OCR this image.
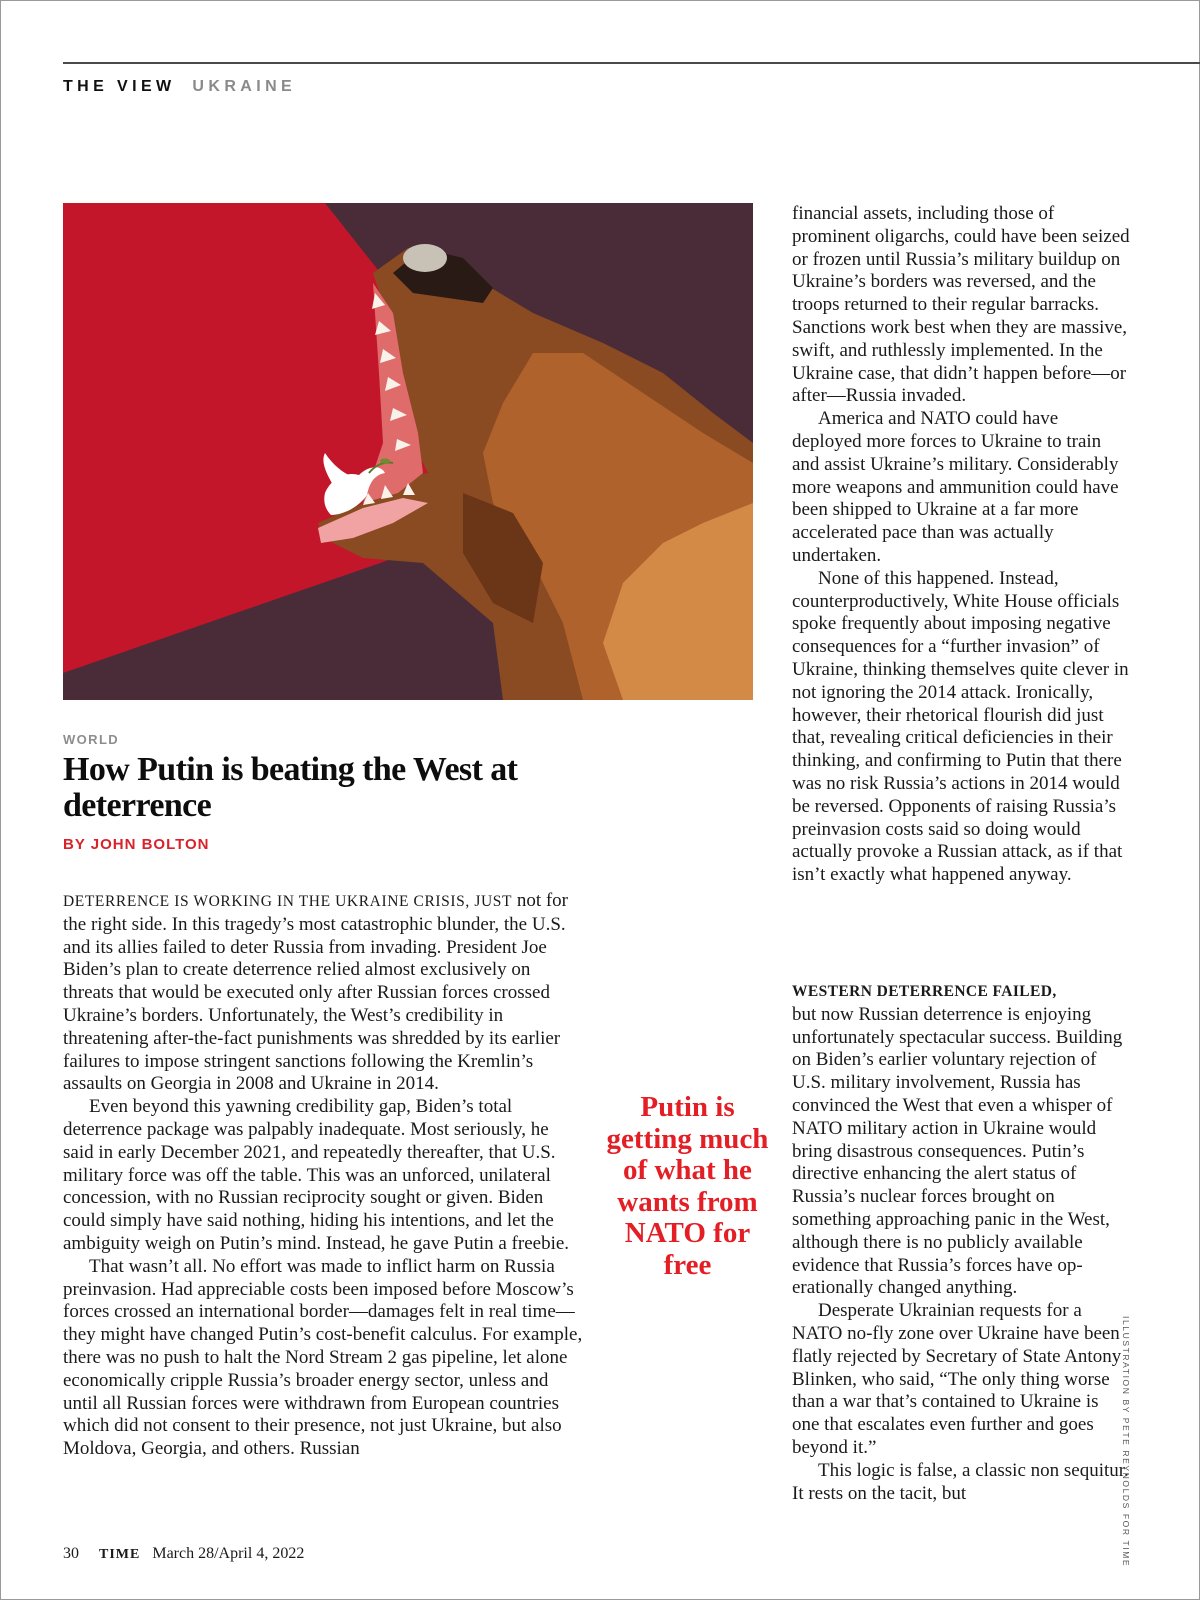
THE VIEW UKRAINE
WORLD
How Putin is beating the West at deterrence
BY JOHN BOLTON

DETERRENCE IS WORKING IN THE UKRAINE CRISIS, JUST not for the right side. In this tragedy’s most catastrophic blunder, the U.S. and its allies failed to deter Russia from invading. President Joe Biden’s plan to create deterrence relied almost exclusively on threats that would be executed only after Russian forces crossed Ukraine’s borders. Unfortunately, the West’s credibility in threatening after-the-fact punishments was shredded by its earlier failures to impose stringent sanctions following the Kremlin’s assaults on Georgia in 2008 and Ukraine in 2014.

Even beyond this yawning credibility gap, Biden’s total deterrence package was palpably inadequate. Most seriously, he said in early December 2021, and repeatedly thereafter, that U.S. military force was off the table. This was an unforced, unilateral concession, with no Russian reciprocity sought or given. Biden could simply have said nothing, hiding his intentions, and let the ambiguity weigh on Putin’s mind. Instead, he gave Putin a freebie.

That wasn’t all. No effort was made to inflict harm on Russia preinvasion. Had appreciable costs been imposed before Moscow’s forces crossed an international border—damages felt in real time—they might have changed Putin’s cost-benefit calculus. For example, there was no push to halt the Nord Stream 2 gas pipeline, let alone economically cripple Russia’s broader energy sector, unless and until all Russian forces were withdrawn from European countries which did not consent to their presence, not just Ukraine, but also Moldova, Georgia, and others. Russian

Putin is getting much of what he wants from NATO for free

financial assets, including those of prominent oligarchs, could have been seized or frozen until Russia’s military buildup on Ukraine’s borders was reversed, and the troops returned to their regular barracks. Sanctions work best when they are massive, swift, and ruthlessly implemented. In the Ukraine case, that didn’t happen before—or after—Russia invaded.

America and NATO could have deployed more forces to Ukraine to train and assist Ukraine’s military. Considerably more weapons and ammunition could have been shipped to Ukraine at a far more accelerated pace than was actually undertaken.

None of this happened. Instead, counterproductively, White House officials spoke frequently about imposing negative consequences for a “further invasion” of Ukraine, thinking themselves quite clever in not ignoring the 2014 attack. Ironically, however, their rhetorical flourish did just that, revealing critical deficiencies in their thinking, and confirming to Putin that there was no risk Russia’s actions in 2014 would be reversed. Opponents of raising Russia’s preinvasion costs said so doing would actually provoke a Russian attack, as if that isn’t exactly what happened anyway.

WESTERN DETERRENCE FAILED,
but now Russian deterrence is enjoying unfortunately spectacular success. Building on Biden’s earlier voluntary rejection of U.S. military involvement, Russia has convinced the West that even a whisper of NATO military action in Ukraine would bring disastrous consequences. Putin’s directive enhancing the alert status of Russia’s nuclear forces brought on something approaching panic in the West, although there is no publicly available evidence that Russia’s forces have operationally changed anything.

Desperate Ukrainian requests for a NATO no-fly zone over Ukraine have been flatly rejected by Secretary of State Antony Blinken, who said, “The only thing worse than a war that’s contained to Ukraine is one that escalates even further and goes beyond it.”

This logic is false, a classic non sequitur. It rests on the tacit, but	ILLUSTRATION BY PETE REYNOLDS FOR TIME
30 TIME March 28/April 4, 2022
